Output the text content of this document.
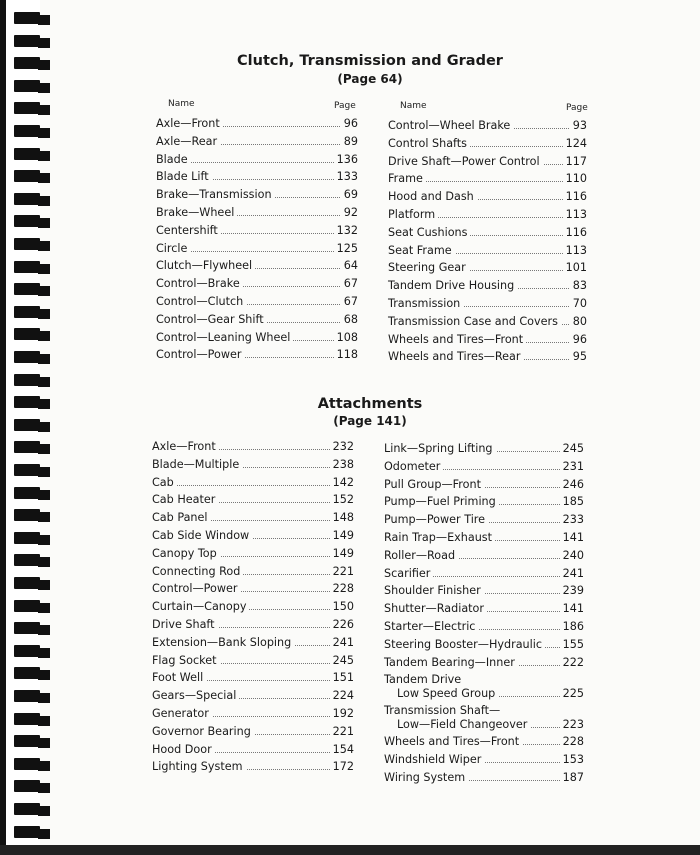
Clutch, Transmission and Grader
(Page 64)
Name	Page	Name	Page
Axle—Front	96
Axle—Rear	89
Blade	136
Blade Lift	133
Brake—Transmission	69
Brake—Wheel	92
Centershift	132
Circle	125
Clutch—Flywheel	64
Control—Brake	67
Control—Clutch	67
Control—Gear Shift	68
Control—Leaning Wheel	108
Control—Power	118
Control—Wheel Brake	93
Control Shafts	124
Drive Shaft—Power Control 117
Frame	110
Hood and Dash	116
Platform	113
Seat Cushions	116
Seat Frame	113
Steering Gear	101
Tandem Drive Housing	83
Transmission	70
Transmission Case and Covers 80
Wheels and Tires—Front	96
Wheels and Tires—Rear	95
Attachments
(Page 141)
Axle—Front	232
Blade—Multiple	238
Cab	142
Cab Heater	152
Cab Panel	148
Cab Side Window	149
Canopy Top	149
Connecting Rod	221
Control—Power	228
Curtain—Canopy	150
Drive Shaft	226
Extension—Bank Sloping	241
Flag Socket	245
Foot Well	151
Gears—Special	224
Generator	192
Governor Bearing	221
Hood Door	154
Lighting System	172
Link—Spring Lifting	245
Odometer	231
Pull Group—Front	246
Pump—Fuel Priming	185
Pump—Power Tire	233
Rain Trap—Exhaust	141
Roller—Road	240
Scarifier	241
Shoulder Finisher	239
Shutter—Radiator	141
Starter—Electric	186
Steering Booster—Hydraulic 155
Tandem Bearing—Inner	222
Tandem Drive
Low Speed Group	225
Transmission Shaft—
Low—Field Changeover	223
Wheels and Tires—Front	228
Windshield Wiper	153
Wiring System	187
